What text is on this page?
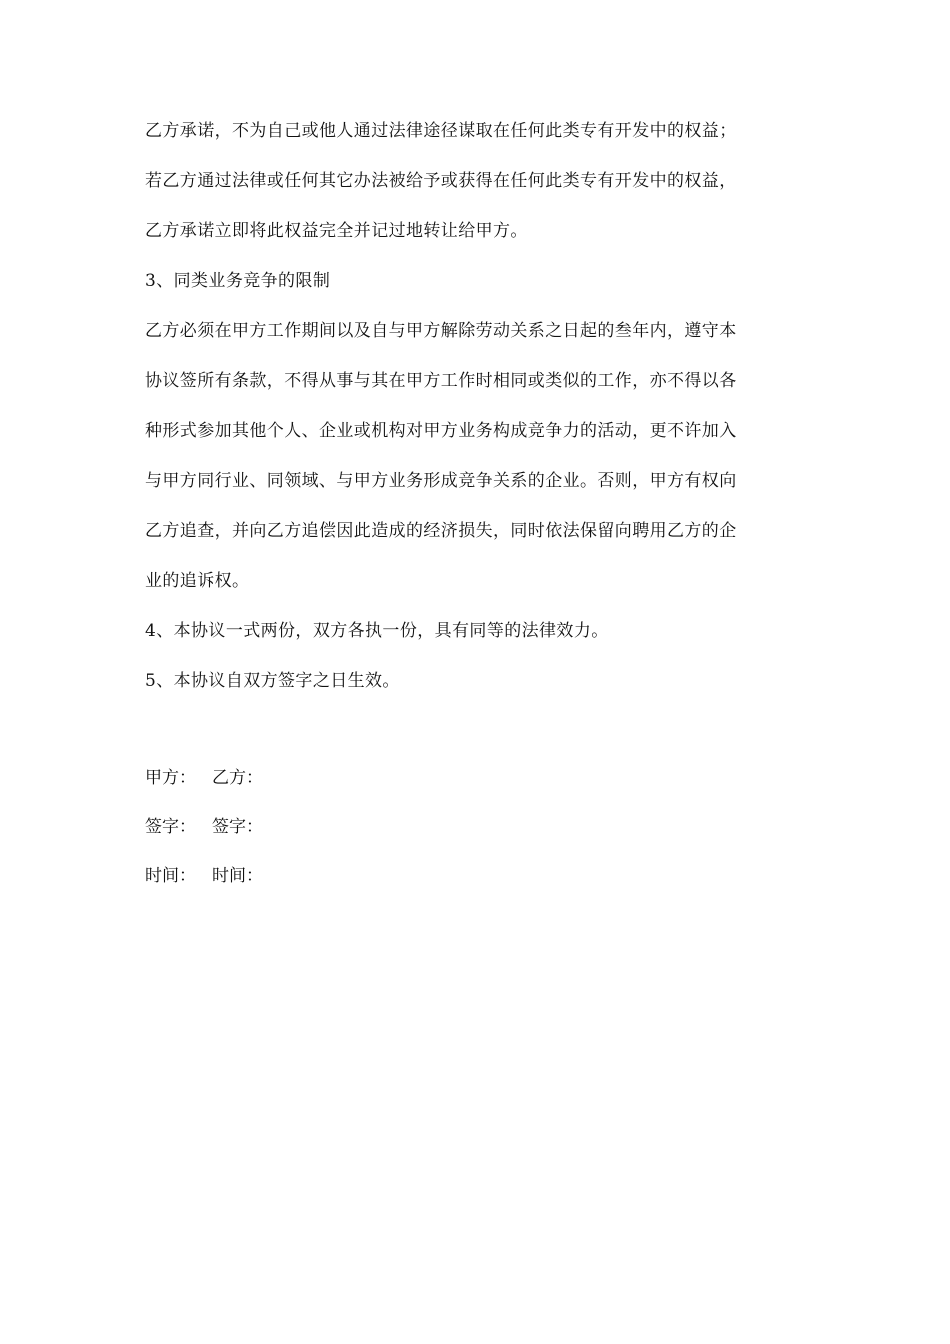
乙方承诺，不为自己或他人通过法律途径谋取在任何此类专有开发中的权益；
若乙方通过法律或任何其它办法被给予或获得在任何此类专有开发中的权益，
乙方承诺立即将此权益完全并记过地转让给甲方。
3、同类业务竞争的限制
乙方必须在甲方工作期间以及自与甲方解除劳动关系之日起的叁年内，遵守本
协议签所有条款，不得从事与其在甲方工作时相同或类似的工作，亦不得以各
种形式参加其他个人、企业或机构对甲方业务构成竞争力的活动，更不许加入
与甲方同行业、同领域、与甲方业务形成竞争关系的企业。否则，甲方有权向
乙方追查，并向乙方追偿因此造成的经济损失，同时依法保留向聘用乙方的企
业的追诉权。
4、本协议一式两份，双方各执一份，具有同等的法律效力。
5、本协议自双方签字之日生效。
甲方： 乙方：
签字： 签字：
时间： 时间：
